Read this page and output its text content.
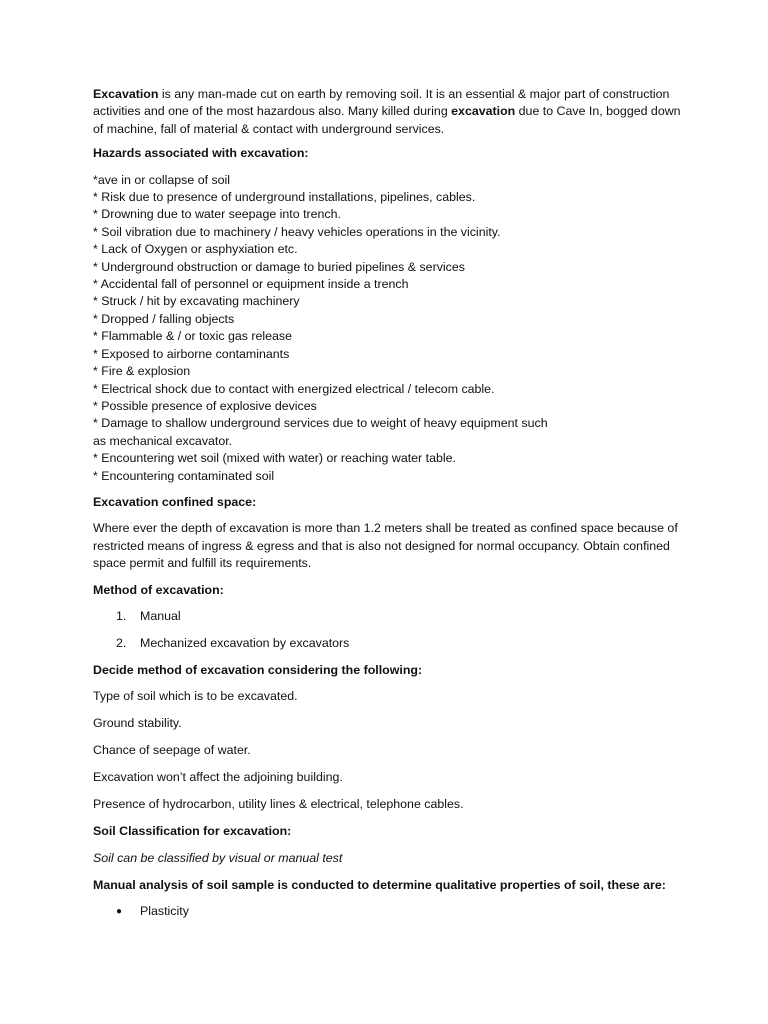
Excavation is any man-made cut on earth by removing soil. It is an essential & major part of construction activities and one of the most hazardous also. Many killed during excavation due to Cave In, bogged down of machine, fall of material & contact with underground services.

Hazards associated with excavation:

*ave in or collapse of soil
* Risk due to presence of underground installations, pipelines, cables.
* Drowning due to water seepage into trench.
* Soil vibration due to machinery / heavy vehicles operations in the vicinity.
* Lack of Oxygen or asphyxiation etc.
* Underground obstruction or damage to buried pipelines & services
* Accidental fall of personnel or equipment inside a trench
* Struck / hit by excavating machinery
* Dropped / falling objects
* Flammable & / or toxic gas release
* Exposed to airborne contaminants
* Fire & explosion
* Electrical shock due to contact with energized electrical / telecom cable.
* Possible presence of explosive devices
* Damage to shallow underground services due to weight of heavy equipment such
as mechanical excavator.
* Encountering wet soil (mixed with water) or reaching water table.
* Encountering contaminated soil

Excavation confined space:

Where ever the depth of excavation is more than 1.2 meters shall be treated as confined space because of restricted means of ingress & egress and that is also not designed for normal occupancy. Obtain confined space permit and fulfill its requirements.

Method of excavation:

1.	Manual
2.	Mechanized excavation by excavators

Decide method of excavation considering the following:

Type of soil which is to be excavated.

Ground stability.

Chance of seepage of water.

Excavation won’t affect the adjoining building.

Presence of hydrocarbon, utility lines & electrical, telephone cables.

Soil Classification for excavation:

Soil can be classified by visual or manual test

Manual analysis of soil sample is conducted to determine qualitative properties of soil, these are:

●	Plasticity
